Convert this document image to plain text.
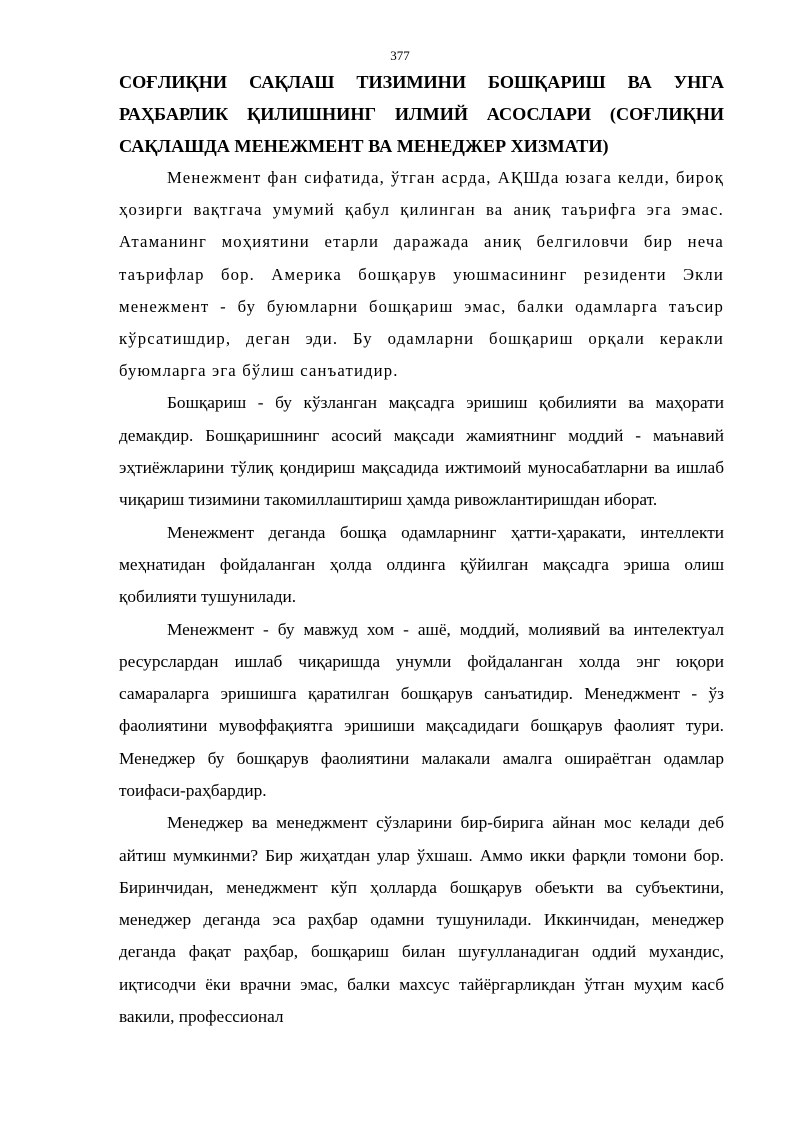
377
СОҒЛИҚНИ САҚЛАШ ТИЗИМИНИ БОШҚАРИШ ВА УНГА РАҲБАРЛИК ҚИЛИШНИНГ ИЛМИЙ АСОСЛАРИ (СОҒЛИҚНИ САҚЛАШДА МЕНЕЖМЕНТ ВА МЕНЕДЖЕР ХИЗМАТИ)

Менежмент фан сифатида, ўтган асрда, АҚШда юзага келди, бироқ ҳозирги вақтгача умумий қабул қилинган ва аниқ таърифга эга эмас. Атаманинг моҳиятини етарли даражада аниқ белгиловчи бир неча таърифлар бор. Америка бошқарув уюшмасининг резиденти Экли менежмент - бу буюмларни бошқариш эмас, балки одамларга таъсир кўрсатишдир, деган эди. Бу одамларни бошқариш орқали керакли буюмларга эга бўлиш санъатидир.

Бошқариш - бу кўзланган мақсадга эришиш қобилияти ва маҳорати демакдир. Бошқаришнинг асосий мақсади жамиятнинг моддий - маънавий эҳтиёжларини тўлиқ қондириш мақсадида ижтимоий муносабатларни ва ишлаб чиқариш тизимини такомиллаштириш ҳамда ривожлантиришдан иборат.

Менежмент деганда бошқа одамларнинг ҳатти-ҳаракати, интеллекти меҳнатидан фойдаланган ҳолда олдинга қўйилган мақсадга эриша олиш қобилияти тушунилади.

Менежмент - бу мавжуд хом - ашё, моддий, молиявий ва интелектуал ресурслардан ишлаб чиқаришда унумли фойдаланган холда энг юқори самараларга эришишга қаратилган бошқарув санъатидир. Менеджмент - ўз фаолиятини мувоффақиятга эришиши мақсадидаги бошқарув фаолият тури. Менеджер бу бошқарув фаолиятини малакали амалга ошираётган одамлар тоифаси-раҳбардир.

Менеджер ва менеджмент сўзларини бир-бирига айнан мос келади деб айтиш мумкинми? Бир жиҳатдан улар ўхшаш. Аммо икки фарқли томони бор. Биринчидан, менеджмент кўп ҳолларда бошқарув обеъкти ва субъектини, менеджер деганда эса раҳбар одамни тушунилади. Иккинчидан, менеджер деганда фақат раҳбар, бошқариш билан шуғулланадиган оддий мухандис, иқтисодчи ёки врачни эмас, балки махсус тайёргарликдан ўтган муҳим касб вакили, профессионал
